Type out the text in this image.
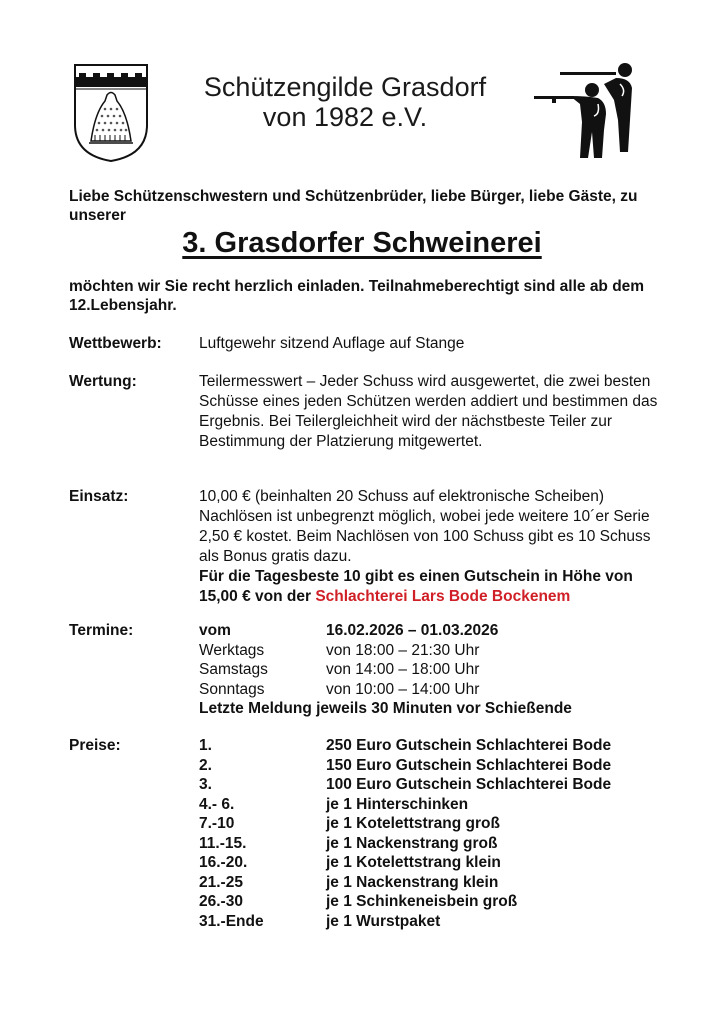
Schützengilde Grasdorf
von 1982 e.V.
Liebe Schützenschwestern und Schützenbrüder, liebe Bürger, liebe Gäste, zu unserer
3. Grasdorfer Schweinerei
möchten wir Sie recht herzlich einladen. Teilnahmeberechtigt sind alle ab dem 12.Lebensjahr.
Wettbewerb: Luftgewehr sitzend Auflage auf Stange
Wertung:	Teilermesswert – Jeder Schuss wird ausgewertet, die zwei besten Schüsse eines jeden Schützen werden addiert und bestimmen das Ergebnis. Bei Teilergleichheit wird der nächstbeste Teiler zur Bestimmung der Platzierung mitgewertet.
Einsatz:	10,00 € (beinhalten 20 Schuss auf elektronische Scheiben) Nachlösen ist unbegrenzt möglich, wobei jede weitere 10´er Serie 2,50 € kostet. Beim Nachlösen von 100 Schuss gibt es 10 Schuss als Bonus gratis dazu.
Für die Tagesbeste 10 gibt es einen Gutschein in Höhe von 15,00 € von der Schlachterei Lars Bode Bockenem
Termine:	vom	16.02.2026 – 01.03.2026
Werktags	von 18:00 – 21:30 Uhr
Samstags	von 14:00 – 18:00 Uhr
Sonntags	von 10:00 – 14:00 Uhr
Letzte Meldung jeweils 30 Minuten vor Schießende
Preise:	1.	250 Euro Gutschein Schlachterei Bode
2.	150 Euro Gutschein Schlachterei Bode
3.	100 Euro Gutschein Schlachterei Bode
4.- 6.	je 1 Hinterschinken
7.-10	je 1 Kotelettstrang groß
11.-15.	je 1 Nackenstrang groß
16.-20.	je 1 Kotelettstrang klein
21.-25	je 1 Nackenstrang klein
26.-30	je 1 Schinkeneisbein groß
31.-Ende	je 1 Wurstpaket
